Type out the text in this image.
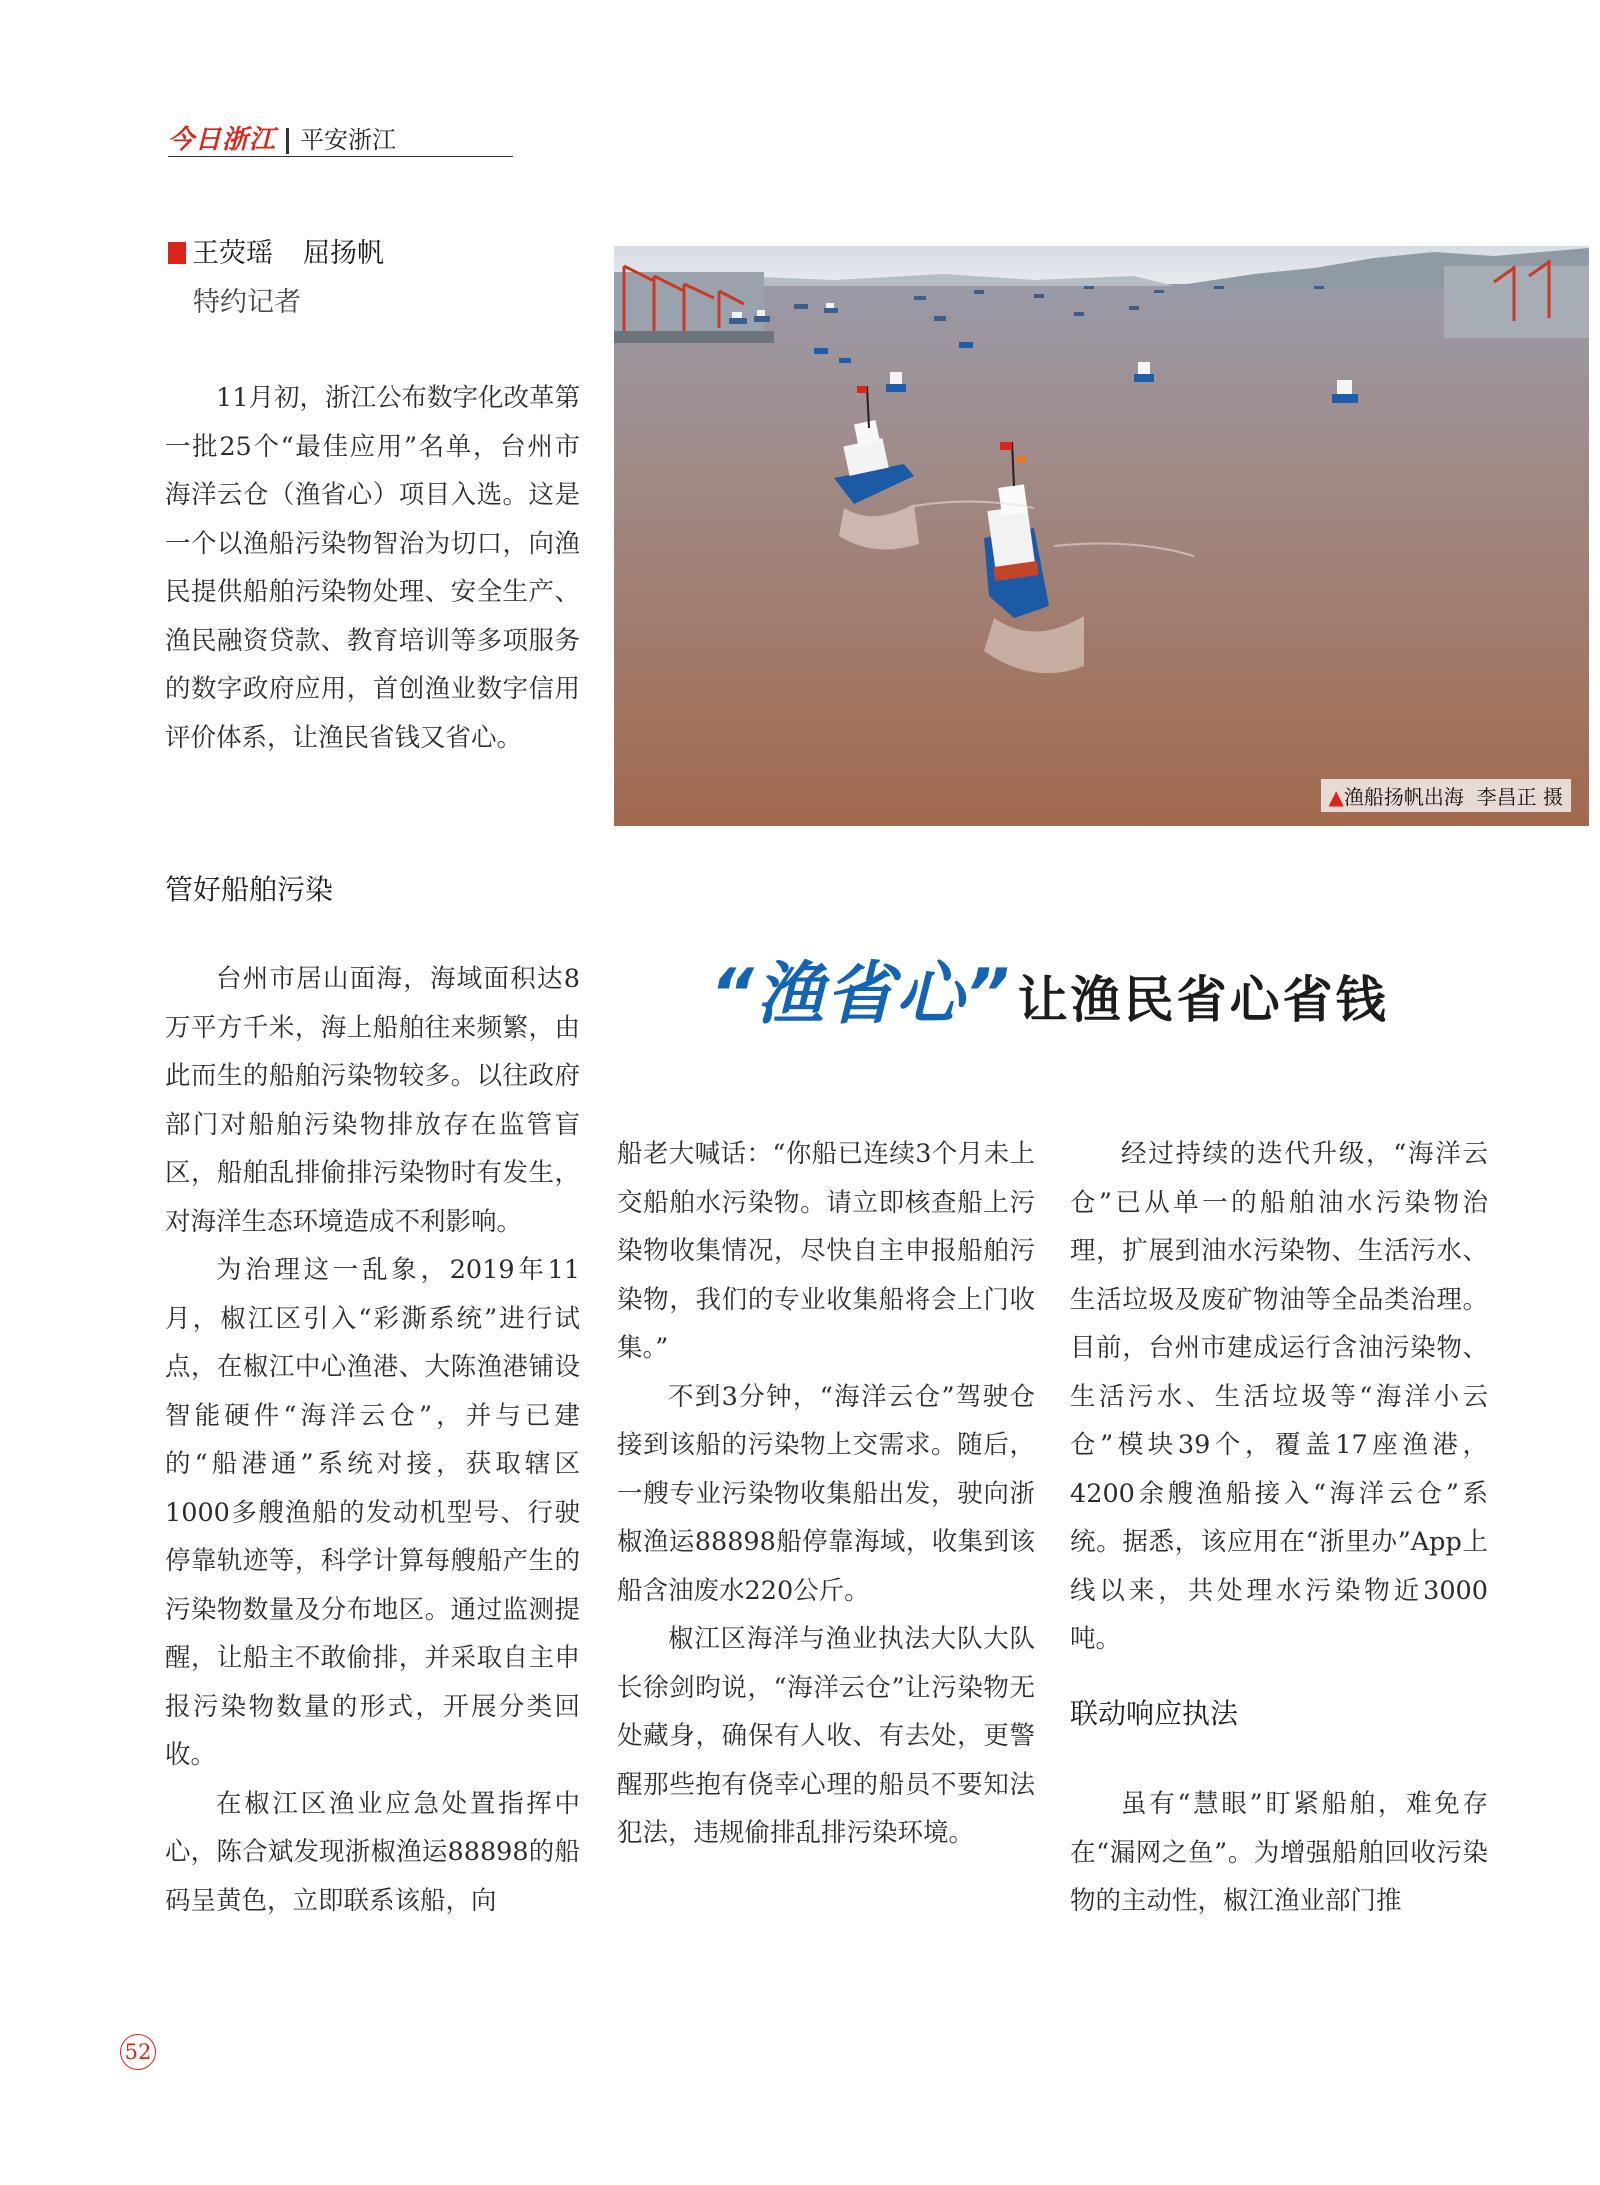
今日浙江 平安浙江
王荧瑶 屈扬帆
特约记者

11月初，浙江公布数字化改革第一批25个“最佳应用”名单，台州市海洋云仓（渔省心）项目入选。这是一个以渔船污染物智治为切口，向渔民提供船舶污染物处理、安全生产、渔民融资贷款、教育培训等多项服务的数字政府应用，首创渔业数字信用评价体系，让渔民省钱又省心。

管好船舶污染
▲渔船扬帆出海 李昌正 摄
“渔省心” 让渔民省心省钱

台州市居山面海，海域面积达8万平方千米，海上船舶往来频繁，由此而生的船舶污染物较多。以往政府部门对船舶污染物排放存在监管盲区，船舶乱排偷排污染物时有发生，对海洋生态环境造成不利影响。

为治理这一乱象，2019年11月，椒江区引入“彩澌系统”进行试点，在椒江中心渔港、大陈渔港铺设智能硬件“海洋云仓”，并与已建的“船港通”系统对接，获取辖区1000多艘渔船的发动机型号、行驶停靠轨迹等，科学计算每艘船产生的污染物数量及分布地区。通过监测提醒，让船主不敢偷排，并采取自主申报污染物数量的形式，开展分类回收。

在椒江区渔业应急处置指挥中心，陈合斌发现浙椒渔运88898的船码呈黄色，立即联系该船，向

船老大喊话：“你船已连续3个月未上交船舶水污染物。请立即核查船上污染物收集情况，尽快自主申报船舶污染物，我们的专业收集船将会上门收集。”

不到3分钟，“海洋云仓”驾驶仓接到该船的污染物上交需求。随后，一艘专业污染物收集船出发，驶向浙椒渔运88898船停靠海域，收集到该船含油废水220公斤。

椒江区海洋与渔业执法大队大队长徐剑昀说，“海洋云仓”让污染物无处藏身，确保有人收、有去处，更警醒那些抱有侥幸心理的船员不要知法犯法，违规偷排乱排污染环境。

经过持续的迭代升级，“海洋云仓”已从单一的船舶油水污染物治理，扩展到油水污染物、生活污水、生活垃圾及废矿物油等全品类治理。目前，台州市建成运行含油污染物、生活污水、生活垃圾等“海洋小云仓”模块39个，覆盖17座渔港，4200余艘渔船接入“海洋云仓”系统。据悉，该应用在“浙里办”App上线以来，共处理水污染物近3000吨。

联动响应执法

虽有“慧眼”盯紧船舶，难免存在“漏网之鱼”。为增强船舶回收污染物的主动性，椒江渔业部门推

52
